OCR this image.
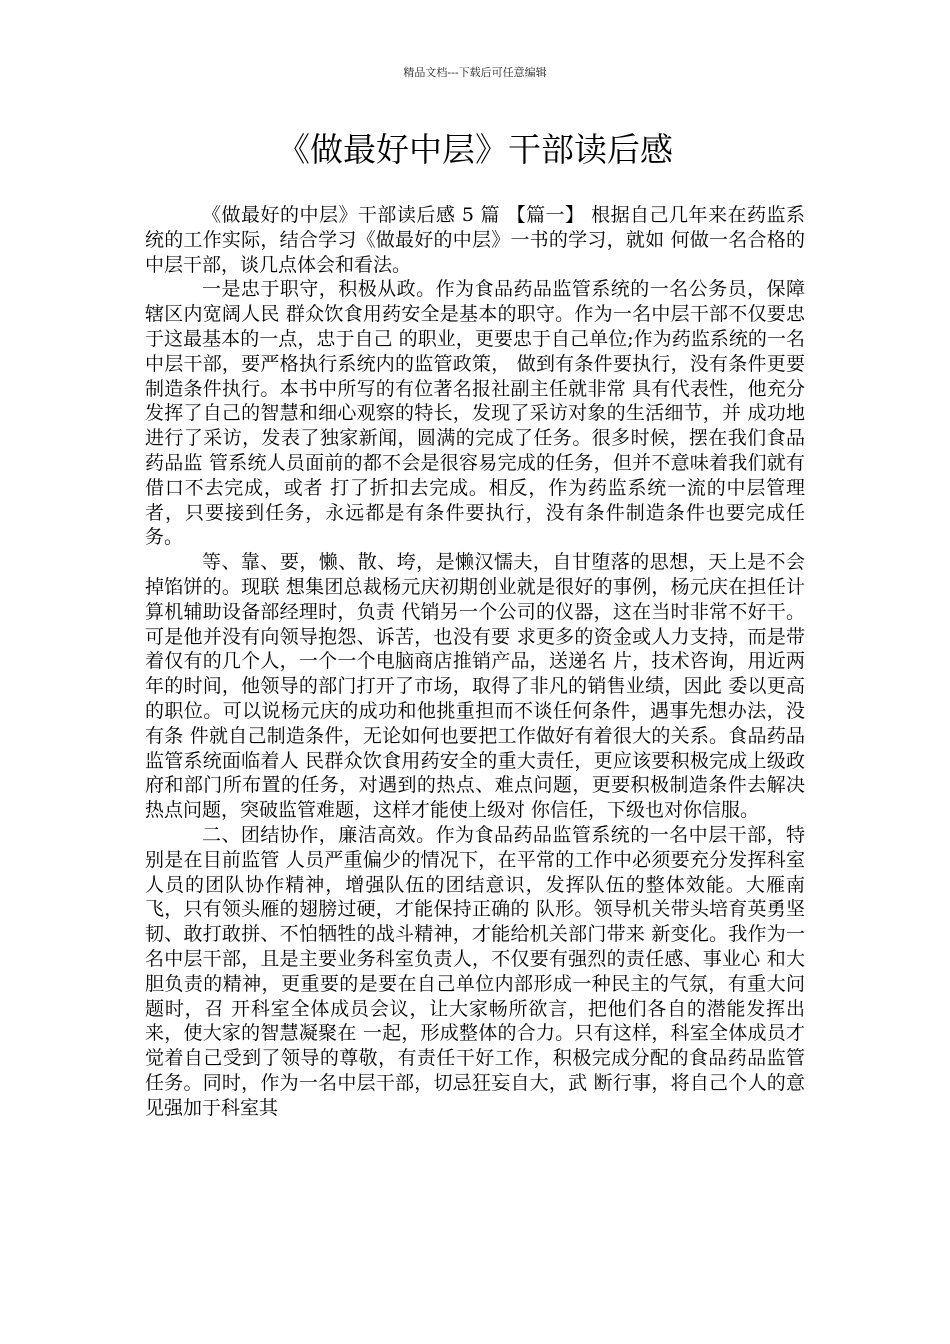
精品文档---下载后可任意编辑
《做最好中层》干部读后感

《做最好的中层》干部读后感 5 篇 【篇一】 根据自己几年来在药监系统的工作实际，结合学习《做最好的中层》一书的学习，就如 何做一名合格的中层干部，谈几点体会和看法。

一是忠于职守，积极从政。作为食品药品监管系统的一名公务员，保障辖区内宽阔人民 群众饮食用药安全是基本的职守。作为一名中层干部不仅要忠于这最基本的一点，忠于自己 的职业，更要忠于自己单位;作为药监系统的一名中层干部，要严格执行系统内的监管政策， 做到有条件要执行，没有条件更要制造条件执行。本书中所写的有位著名报社副主任就非常 具有代表性，他充分发挥了自己的智慧和细心观察的特长，发现了采访对象的生活细节，并 成功地进行了采访，发表了独家新闻，圆满的完成了任务。很多时候，摆在我们食品药品监 管系统人员面前的都不会是很容易完成的任务，但并不意味着我们就有借口不去完成，或者 打了折扣去完成。相反，作为药监系统一流的中层管理者，只要接到任务，永远都是有条件要执行，没有条件制造条件也要完成任务。

等、靠、要，懒、散、垮，是懒汉懦夫，自甘堕落的思想，天上是不会掉馅饼的。现联 想集团总裁杨元庆初期创业就是很好的事例，杨元庆在担任计算机辅助设备部经理时，负责 代销另一个公司的仪器，这在当时非常不好干。可是他并没有向领导抱怨、诉苦，也没有要 求更多的资金或人力支持，而是带着仅有的几个人，一个一个电脑商店推销产品，送递名 片，技术咨询，用近两年的时间，他领导的部门打开了市场，取得了非凡的销售业绩，因此 委以更高的职位。可以说杨元庆的成功和他挑重担而不谈任何条件，遇事先想办法，没有条 件就自己制造条件，无论如何也要把工作做好有着很大的关系。食品药品监管系统面临着人 民群众饮食用药安全的重大责任，更应该要积极完成上级政府和部门所布置的任务，对遇到的热点、难点问题，更要积极制造条件去解决热点问题，突破监管难题，这样才能使上级对 你信任，下级也对你信服。

二、团结协作，廉洁高效。作为食品药品监管系统的一名中层干部，特别是在目前监管 人员严重偏少的情况下，在平常的工作中必须要充分发挥科室人员的团队协作精神，增强队伍的团结意识，发挥队伍的整体效能。大雁南飞，只有领头雁的翅膀过硬，才能保持正确的 队形。领导机关带头培育英勇坚韧、敢打敢拼、不怕牺牲的战斗精神，才能给机关部门带来 新变化。我作为一名中层干部，且是主要业务科室负责人，不仅要有强烈的责任感、事业心 和大胆负责的精神，更重要的是要在自己单位内部形成一种民主的气氛，有重大问题时，召 开科室全体成员会议，让大家畅所欲言，把他们各自的潜能发挥出来，使大家的智慧凝聚在 一起，形成整体的合力。只有这样，科室全体成员才觉着自己受到了领导的尊敬，有责任干好工作，积极完成分配的食品药品监管任务。同时，作为一名中层干部，切忌狂妄自大，武 断行事，将自己个人的意见强加于科室其
